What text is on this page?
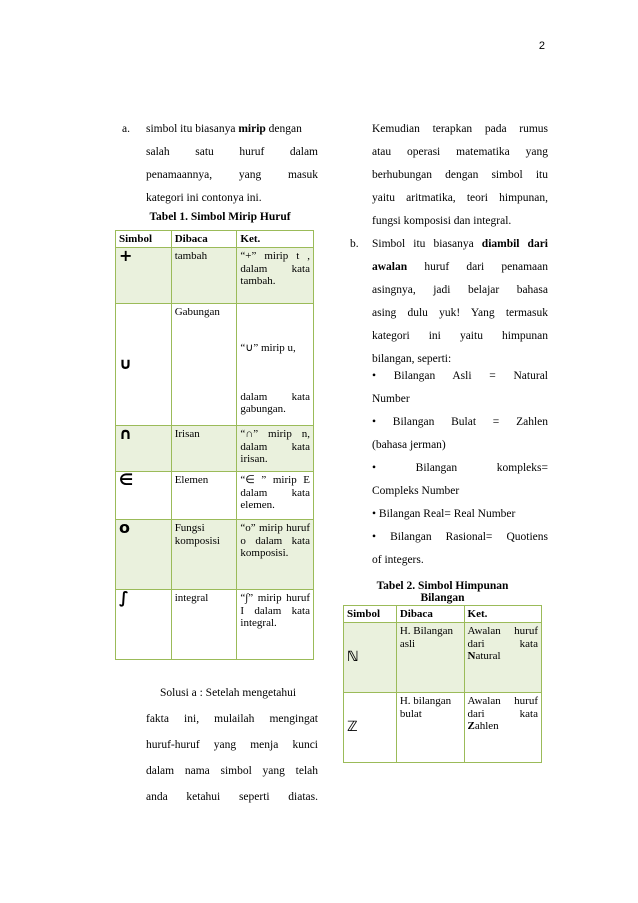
2
a. simbol itu biasanya mirip dengan
salah satu huruf dalam
penamaannya, yang masuk
kategori ini contonya ini.
Tabel 1. Simbol Mirip Huruf
Simbol	Dibaca	Ket.
+	tambah	“+” mirip t , dalam kata tambah.
∪	Gabungan	“∪” mirip u,
dalam kata gabungan.

∩	Irisan	“∩” mirip n, dalam kata irisan.
∈	Elemen	“∈ ” mirip E dalam kata elemen.
o	Fungsi komposisi	“o” mirip huruf o dalam kata komposisi.
∫	integral	“∫” mirip huruf I dalam kata integral.
Solusi a : Setelah mengetahui
fakta ini, mulailah mengingat
huruf-huruf yang menja kunci
dalam nama simbol yang telah
anda ketahui seperti diatas.
Kemudian terapkan pada rumus
atau operasi matematika yang
berhubungan dengan simbol itu
yaitu aritmatika, teori himpunan,
fungsi komposisi dan integral.
b. Simbol itu biasanya diambil dari
awalan huruf dari penamaan
asingnya, jadi belajar bahasa
asing dulu yuk! Yang termasuk
kategori ini yaitu himpunan
bilangan, seperti:
• Bilangan Asli = Natural
Number
• Bilangan Bulat = Zahlen
(bahasa jerman)
• Bilangan kompleks=
Compleks Number
• Bilangan Real= Real Number
• Bilangan Rasional= Quotiens
of integers.
Tabel 2. Simbol Himpunan
Bilangan
Simbol	Dibaca	Ket.
ℕ	H. Bilangan asli	Awalan huruf dari kata Natural
ℤ	H. bilangan bulat	Awalan huruf dari kata Zahlen
